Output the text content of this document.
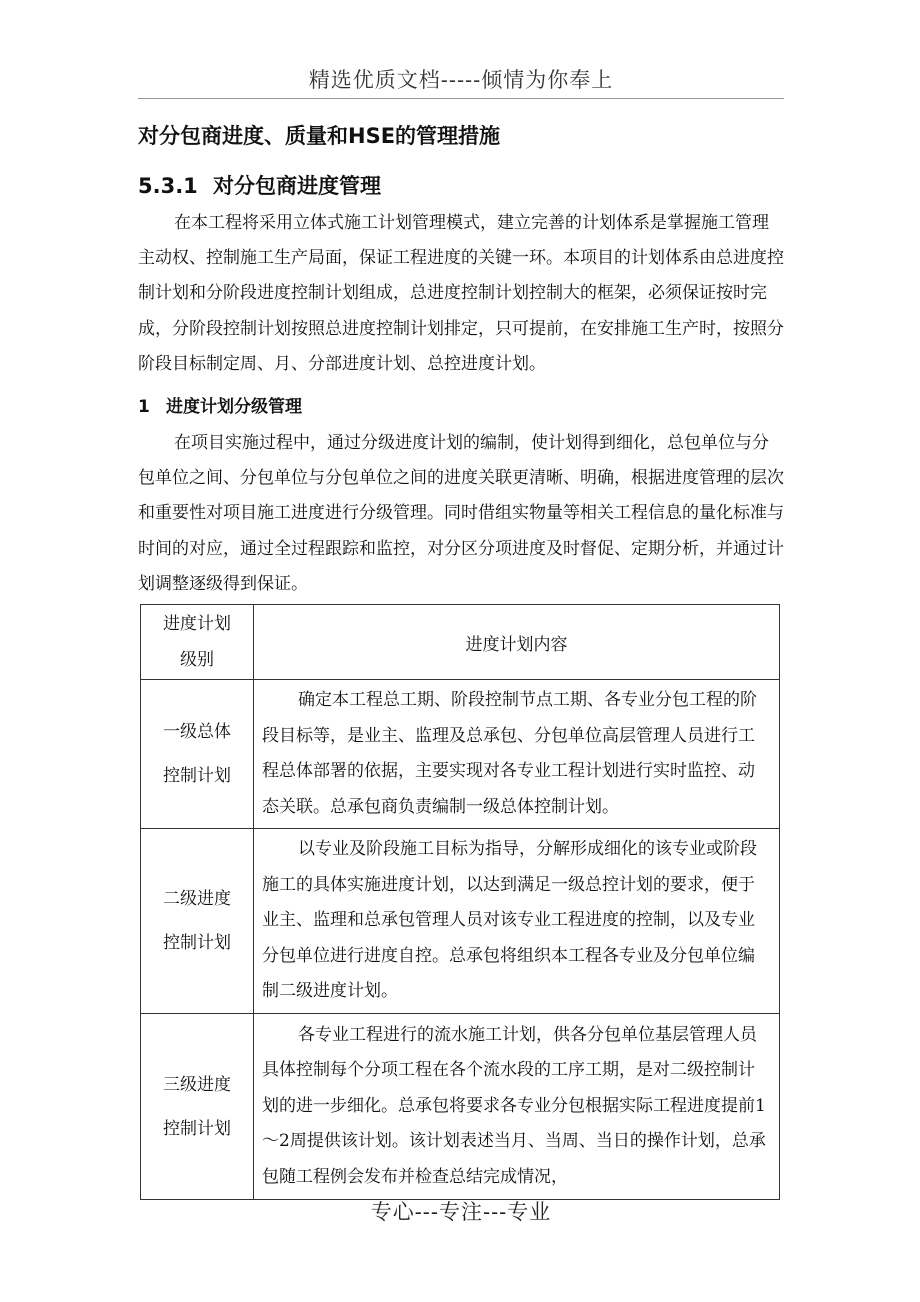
精选优质文档-----倾情为你奉上
对分包商进度、质量和HSE的管理措施
5.3.1 对分包商进度管理

在本工程将采用立体式施工计划管理模式，建立完善的计划体系是掌握施工管理主动权、控制施工生产局面，保证工程进度的关键一环。本项目的计划体系由总进度控制计划和分阶段进度控制计划组成，总进度控制计划控制大的框架，必须保证按时完成，分阶段控制计划按照总进度控制计划排定，只可提前，在安排施工生产时，按照分阶段目标制定周、月、分部进度计划、总控进度计划。

1 进度计划分级管理

在项目实施过程中，通过分级进度计划的编制，使计划得到细化，总包单位与分包单位之间、分包单位与分包单位之间的进度关联更清晰、明确，根据进度管理的层次和重要性对项目施工进度进行分级管理。同时借组实物量等相关工程信息的量化标准与时间的对应，通过全过程跟踪和监控，对分区分项进度及时督促、定期分析，并通过计划调整逐级得到保证。

进度计划
级别	进度计划内容

一级总体
控制计划	确定本工程总工期、阶段控制节点工期、各专业分包工程的阶段目标等，是业主、监理及总承包、分包单位高层管理人员进行工程总体部署的依据，主要实现对各专业工程计划进行实时监控、动态关联。总承包商负责编制一级总体控制计划。

二级进度
控制计划	以专业及阶段施工目标为指导，分解形成细化的该专业或阶段施工的具体实施进度计划，以达到满足一级总控计划的要求，便于业主、监理和总承包管理人员对该专业工程进度的控制，以及专业分包单位进行进度自控。总承包将组织本工程各专业及分包单位编制二级进度计划。

三级进度
控制计划	各专业工程进行的流水施工计划，供各分包单位基层管理人员具体控制每个分项工程在各个流水段的工序工期，是对二级控制计划的进一步细化。总承包将要求各专业分包根据实际工程进度提前1～2周提供该计划。该计划表述当月、当周、当日的操作计划，总承包随工程例会发布并检查总结完成情况，
专心---专注---专业
